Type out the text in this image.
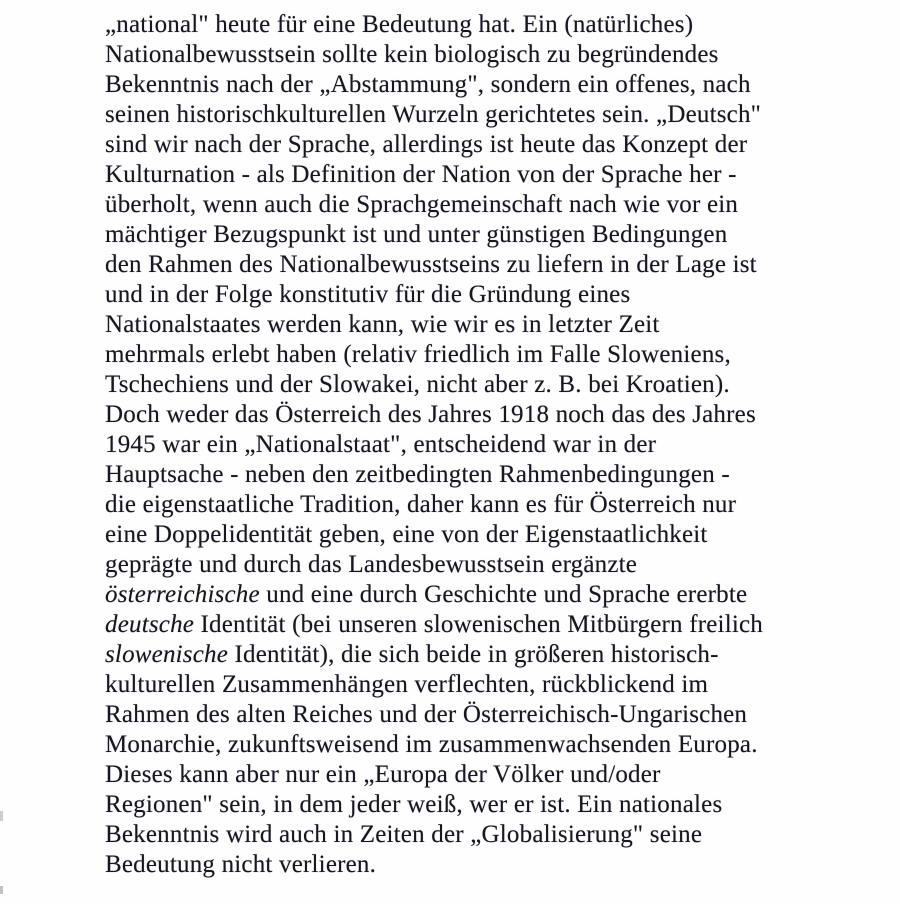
„national" heute für eine Bedeutung hat. Ein (natürliches)
Nationalbewusstsein sollte kein biologisch zu begründendes
Bekenntnis nach der „Abstammung", sondern ein offenes, nach
seinen historischkulturellen Wurzeln gerichtetes sein. „Deutsch"
sind wir nach der Sprache, allerdings ist heute das Konzept der
Kulturnation - als Definition der Nation von der Sprache her -
überholt, wenn auch die Sprachgemeinschaft nach wie vor ein
mächtiger Bezugspunkt ist und unter günstigen Bedingungen
den Rahmen des Nationalbewusstseins zu liefern in der Lage ist
und in der Folge konstitutiv für die Gründung eines
Nationalstaates werden kann, wie wir es in letzter Zeit
mehrmals erlebt haben (relativ friedlich im Falle Sloweniens,
Tschechiens und der Slowakei, nicht aber z. B. bei Kroatien).
Doch weder das Österreich des Jahres 1918 noch das des Jahres
1945 war ein „Nationalstaat", entscheidend war in der
Hauptsache - neben den zeitbedingten Rahmenbedingungen -
die eigenstaatliche Tradition, daher kann es für Österreich nur
eine Doppelidentität geben, eine von der Eigenstaatlichkeit
geprägte und durch das Landesbewusstsein ergänzte
österreichische und eine durch Geschichte und Sprache ererbte
deutsche Identität (bei unseren slowenischen Mitbürgern freilich
slowenische Identität), die sich beide in größeren historisch-
kulturellen Zusammenhängen verflechten, rückblickend im
Rahmen des alten Reiches und der Österreichisch-Ungarischen
Monarchie, zukunftsweisend im zusammenwachsenden Europa.
Dieses kann aber nur ein „Europa der Völker und/oder
Regionen" sein, in dem jeder weiß, wer er ist. Ein nationales
Bekenntnis wird auch in Zeiten der „Globalisierung" seine
Bedeutung nicht verlieren.
